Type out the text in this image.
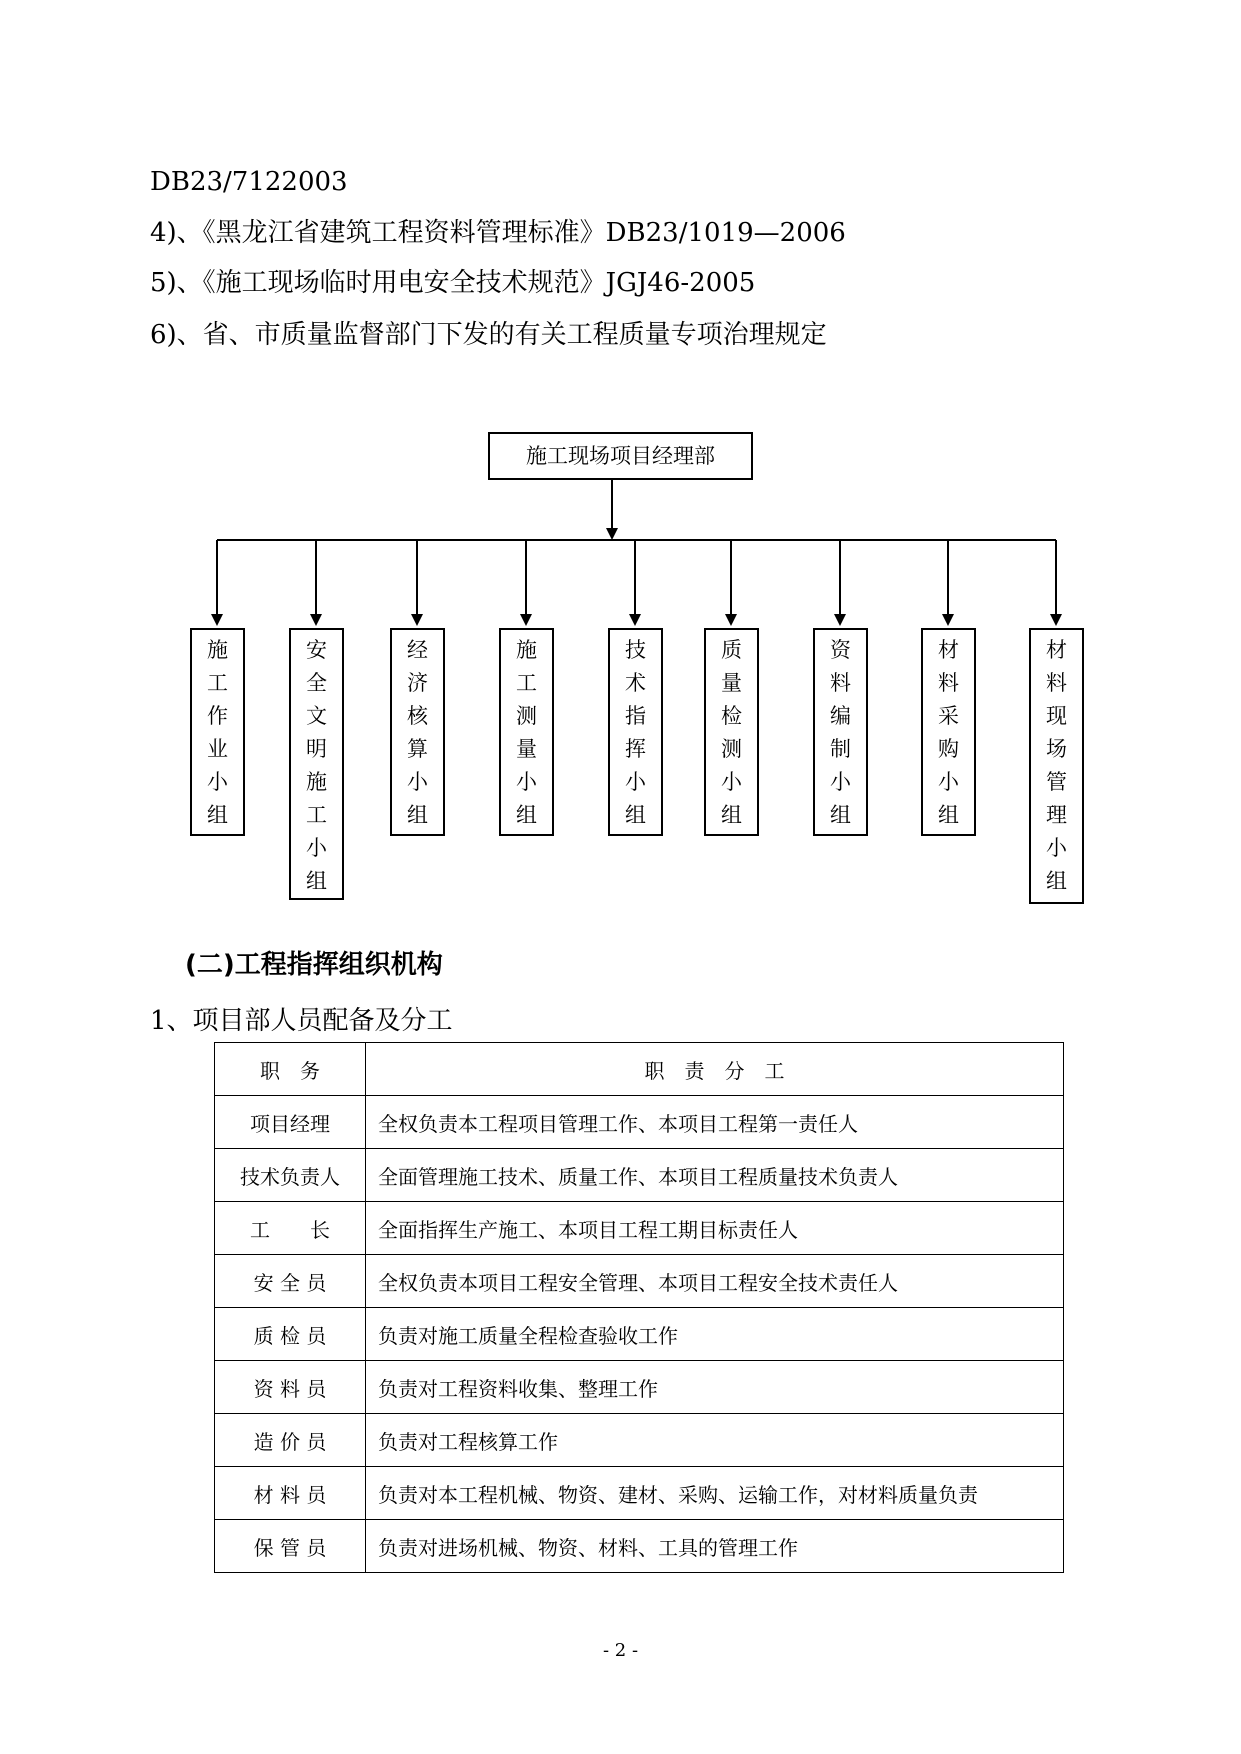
DB23/7122003
4)、《黑龙江省建筑工程资料管理标准》DB23/1019—2006
5)、《施工现场临时用电安全技术规范》JGJ46-2005
6)、省、市质量监督部门下发的有关工程质量专项治理规定
施工现场项目经理部
施工作业小组
安全文明施工小组
经济核算小组
施工测量小组
技术指挥小组
质量检测小组
资料编制小组
材料采购小组
材料现场管理小组
(二)工程指挥组织机构
1、项目部人员配备及分工
职　务	职　责　分　工
项目经理	全权负责本工程项目管理工作、本项目工程第一责任人
技术负责人	全面管理施工技术、质量工作、本项目工程质量技术负责人
工　　长	全面指挥生产施工、本项目工程工期目标责任人
安 全 员	全权负责本项目工程安全管理、本项目工程安全技术责任人
质 检 员	负责对施工质量全程检查验收工作
资 料 员	负责对工程资料收集、整理工作
造 价 员	负责对工程核算工作
材 料 员	负责对本工程机械、物资、建材、采购、运输工作，对材料质量负责
保 管 员	负责对进场机械、物资、材料、工具的管理工作
- 2 -
